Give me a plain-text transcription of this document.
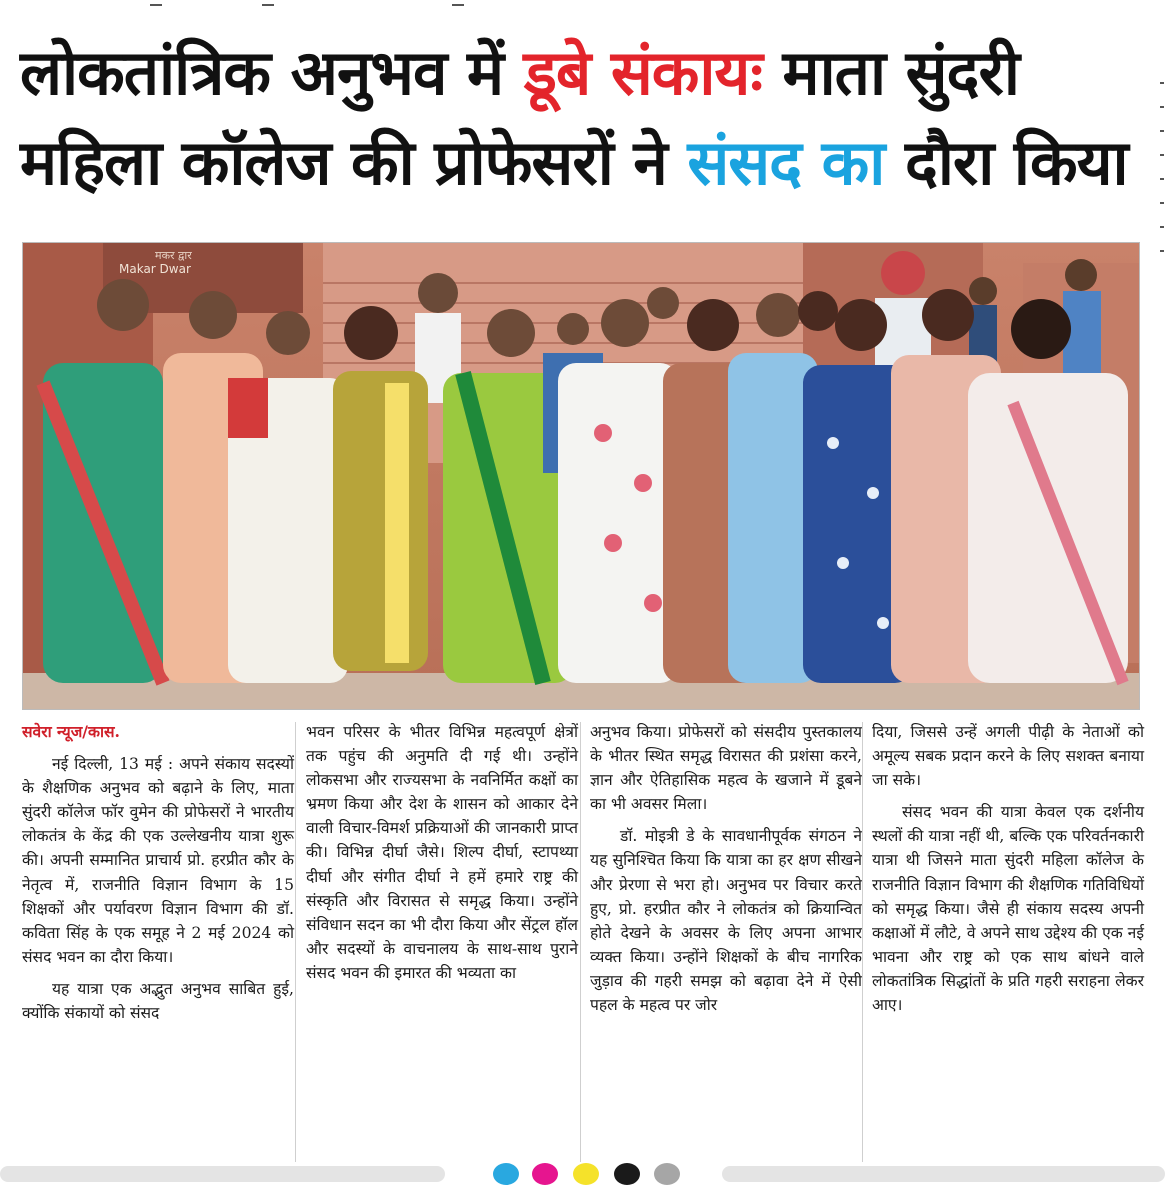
लोकतांत्रिक अनुभव में डूबे संकायः माता सुंदरी
महिला कॉलेज की प्रोफेसरों ने संसद का दौरा किया
मकर द्वार
Makar Dwar

सवेरा न्यूज/कास.

नई दिल्ली, 13 मई : अपने संकाय सदस्यों के शैक्षणिक अनुभव को बढ़ाने के लिए, माता सुंदरी कॉलेज फॉर वुमेन की प्रोफेसरों ने भारतीय लोकतंत्र के केंद्र की एक उल्लेखनीय यात्रा शुरू की। अपनी सम्मानित प्राचार्य प्रो. हरप्रीत कौर के नेतृत्व में, राजनीति विज्ञान विभाग के 15 शिक्षकों और पर्यावरण विज्ञान विभाग की डॉ. कविता सिंह के एक समूह ने 2 मई 2024 को संसद भवन का दौरा किया।

यह यात्रा एक अद्भुत अनुभव साबित हुई, क्योंकि संकायों को संसद

भवन परिसर के भीतर विभिन्न महत्वपूर्ण क्षेत्रों तक पहुंच की अनुमति दी गई थी। उन्होंने लोकसभा और राज्यसभा के नवनिर्मित कक्षों का भ्रमण किया और देश के शासन को आकार देने वाली विचार-विमर्श प्रक्रियाओं की जानकारी प्राप्त की। विभिन्न दीर्घा जैसे। शिल्प दीर्घा, स्टापथ्या दीर्घा और संगीत दीर्घा ने हमें हमारे राष्ट्र की संस्कृति और विरासत से समृद्ध किया। उन्होंने संविधान सदन का भी दौरा किया और सेंट्रल हॉल और सदस्यों के वाचनालय के साथ-साथ पुराने संसद भवन की इमारत की भव्यता का

अनुभव किया। प्रोफेसरों को संसदीय पुस्तकालय के भीतर स्थित समृद्ध विरासत की प्रशंसा करने, ज्ञान और ऐतिहासिक महत्व के खजाने में डूबने का भी अवसर मिला।

डॉ. मोइत्री डे के सावधानीपूर्वक संगठन ने यह सुनिश्चित किया कि यात्रा का हर क्षण सीखने और प्रेरणा से भरा हो। अनुभव पर विचार करते हुए, प्रो. हरप्रीत कौर ने लोकतंत्र को क्रियान्वित होते देखने के अवसर के लिए अपना आभार व्यक्त किया। उन्होंने शिक्षकों के बीच नागरिक जुड़ाव की गहरी समझ को बढ़ावा देने में ऐसी पहल के महत्व पर जोर

दिया, जिससे उन्हें अगली पीढ़ी के नेताओं को अमूल्य सबक प्रदान करने के लिए सशक्त बनाया जा सके।

संसद भवन की यात्रा केवल एक दर्शनीय स्थलों की यात्रा नहीं थी, बल्कि एक परिवर्तनकारी यात्रा थी जिसने माता सुंदरी महिला कॉलेज के राजनीति विज्ञान विभाग की शैक्षणिक गतिविधियों को समृद्ध किया। जैसे ही संकाय सदस्य अपनी कक्षाओं में लौटे, वे अपने साथ उद्देश्य की एक नई भावना और राष्ट्र को एक साथ बांधने वाले लोकतांत्रिक सिद्धांतों के प्रति गहरी सराहना लेकर आए।
